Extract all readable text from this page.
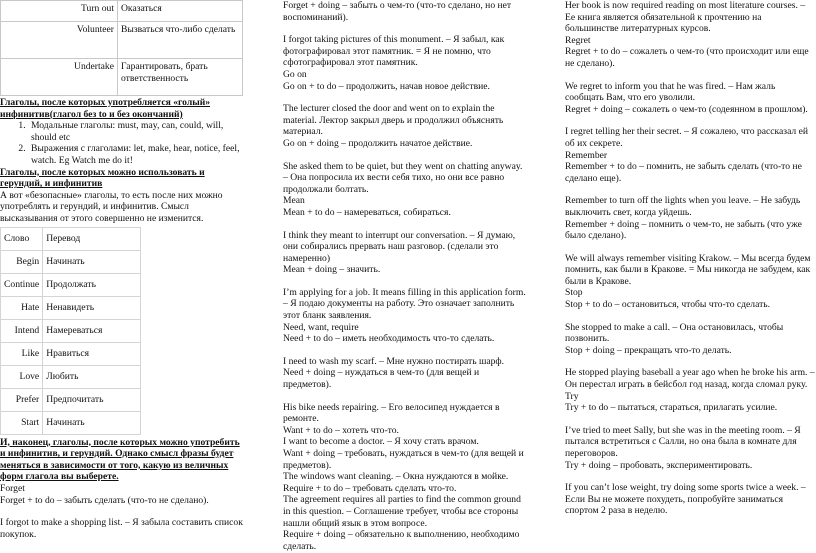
Turn out	Оказаться
Volunteer	Вызваться что-либо сделать
Undertake	Гарантировать, брать ответственность

Глаголы, после которых употребляется «голый» инфинитив(глагол без to и без окончаний)

1. Модальные глаголы: must, may, can, could, will, should etc
2. Выражения с глаголами: let, make, hear, notice, feel, watch. Eg Watch me do it!

Глаголы, после которых можно использовать и герундий, и инфинитив

А вот «безопасные» глаголы, то есть после них можно употреблять и герундий, и инфинитив. Смысл высказывания от этого совершенно не изменится.

Слово	Перевод
Begin	Начинать
Continue	Продолжать
Hate	Ненавидеть
Intend	Намереваться
Like	Нравиться
Love	Любить
Prefer	Предпочитать
Start	Начинать

И, наконец, глаголы, после которых можно употребить и инфинитив, и герундий. Однако смысл фразы будет меняться в зависимости от того, какую из величных форм глагола вы выберете.

Forget

Forget + to do – забыть сделать (что-то не сделано).

I forgot to make a shopping list. – Я забыла составить список покупок.

Forget + doing – забыть о чем-то (что-то сделано, но нет воспоминаний).

I forgot taking pictures of this monument. – Я забыл, как фотографировал этот памятник. = Я не помню, что сфотографировал этот памятник.

Go on

Go on + to do – продолжить, начав новое действие.

The lecturer closed the door and went on to explain the material. Лектор закрыл дверь и продолжил объяснять материал.

Go on + doing – продолжить начатое действие.

She asked them to be quiet, but they went on chatting anyway. – Она попросила их вести себя тихо, но они все равно продолжали болтать.

Mean

Mean + to do – намереваться, собираться.

I think they meant to interrupt our conversation. – Я думаю, они собирались прервать наш разговор. (сделали это намеренно)

Mean + doing – значить.

I’m applying for a job. It means filling in this application form. – Я подаю документы на работу. Это означает заполнить этот бланк заявления.

Need, want, require

Need + to do – иметь необходимость что-то сделать.

I need to wash my scarf. – Мне нужно постирать шарф.

Need + doing – нуждаться в чем-то (для вещей и предметов).

His bike needs repairing. – Его велосипед нуждается в ремонте.

Want + to do – хотеть что-то.

I want to become a doctor. – Я хочу стать врачом.

Want + doing – требовать, нуждаться в чем-то (для вещей и предметов).

The windows want cleaning. – Окна нуждаются в мойке.

Require + to do – требовать сделать что-то.

The agreement requires all parties to find the common ground in this question. – Соглашение требует, чтобы все стороны нашли общий язык в этом вопросе.

Require + doing – обязательно к выполнению, необходимо сделать.

Her book is now required reading on most literature courses. – Ее книга является обязательной к прочтению на большинстве литературных курсов.

Regret

Regret + to do – сожалеть о чем-то (что происходит или еще не сделано).

We regret to inform you that he was fired. – Нам жаль сообщать Вам, что его уволили.

Regret + doing – сожалеть о чем-то (содеянном в прошлом).

I regret telling her their secret. – Я сожалею, что рассказал ей об их секрете.

Remember

Remember + to do – помнить, не забыть сделать (что-то не сделано еще).

Remember to turn off the lights when you leave. – Не забудь выключить свет, когда уйдешь.

Remember + doing – помнить о чем-то, не забыть (что уже было сделано).

We will always remember visiting Krakow. – Мы всегда будем помнить, как были в Кракове. = Мы никогда не забудем, как были в Кракове.

Stop

Stop + to do – остановиться, чтобы что-то сделать.

She stopped to make a call. – Она остановилась, чтобы позвонить.

Stop + doing – прекращать что-то делать.

He stopped playing baseball a year ago when he broke his arm. – Он перестал играть в бейсбол год назад, когда сломал руку.

Try

Try + to do – пытаться, стараться, прилагать усилие.

I’ve tried to meet Sally, but she was in the meeting room. – Я пытался встретиться с Салли, но она была в комнате для переговоров.

Try + doing – пробовать, экспериментировать.

If you can’t lose weight, try doing some sports twice a week. – Если Вы не можете похудеть, попробуйте заниматься спортом 2 раза в неделю.
